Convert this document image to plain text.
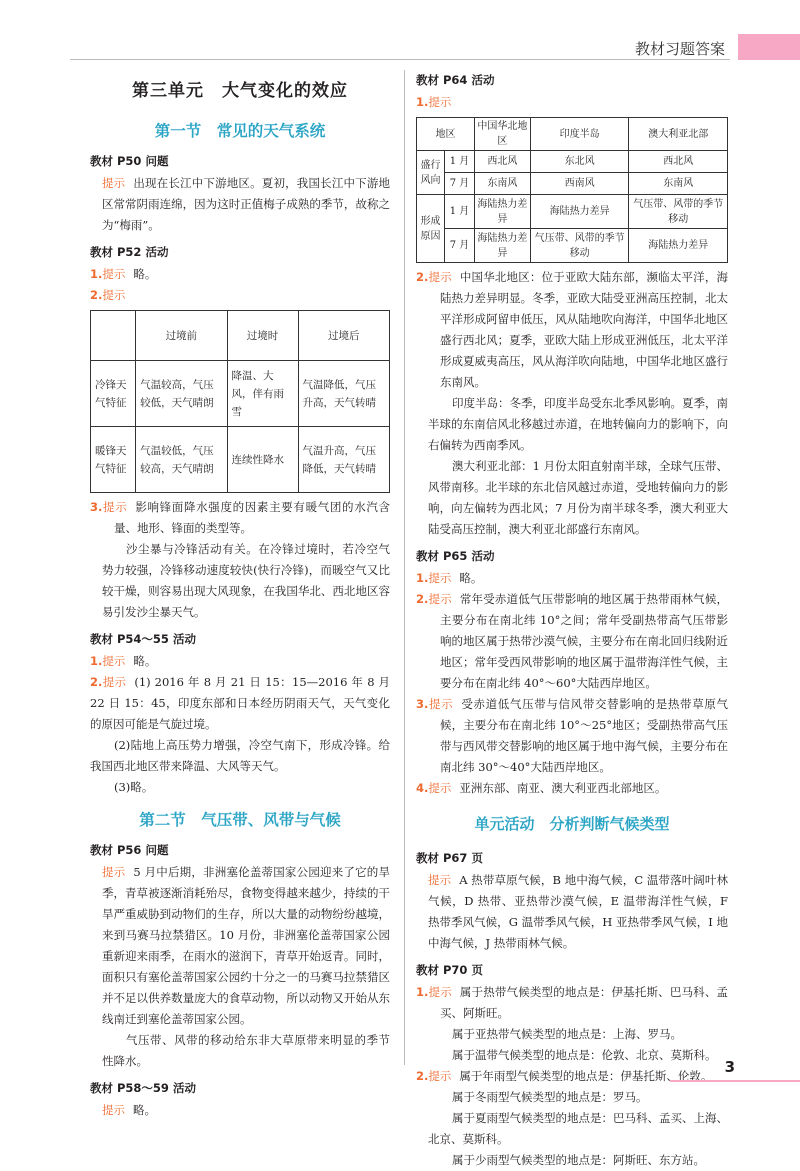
教材习题答案
第三单元　大气变化的效应
第一节　常见的天气系统
教材 P50 问题
提示 出现在长江中下游地区。夏初，我国长江中下游地区常常阴雨连绵，因为这时正值梅子成熟的季节，故称之为“梅雨”。
教材 P52 活动
1.提示 略。
2.提示
	过境前	过境时	过境后
冷锋天气特征	气温较高，气压较低，天气晴朗	降温、大风，伴有雨雪	气温降低，气压升高，天气转晴
暖锋天气特征	气温较低，气压较高，天气晴朗	连续性降水	气温升高，气压降低，天气转晴
3.提示 影响锋面降水强度的因素主要有暖气团的水汽含量、地形、锋面的类型等。
沙尘暴与冷锋活动有关。在冷锋过境时，若冷空气势力较强，冷锋移动速度较快(快行冷锋)，而暖空气又比较干燥，则容易出现大风现象，在我国华北、西北地区容易引发沙尘暴天气。
教材 P54～55 活动
1.提示 略。
2.提示 (1) 2016 年 8 月 21 日 15：15—2016 年 8 月 22 日 15：45，印度东部和日本经历阴雨天气，天气变化的原因可能是气旋过境。
(2)陆地上高压势力增强，冷空气南下，形成冷锋。给我国西北地区带来降温、大风等天气。
(3)略。
第二节　气压带、风带与气候
教材 P56 问题
提示 5 月中后期，非洲塞伦盖蒂国家公园迎来了它的旱季，青草被逐渐消耗殆尽，食物变得越来越少，持续的干旱严重威胁到动物们的生存，所以大量的动物纷纷越境，来到马赛马拉禁猎区。10 月份，非洲塞伦盖蒂国家公园重新迎来雨季，在雨水的滋润下，青草开始返青。同时，面积只有塞伦盖蒂国家公园约十分之一的马赛马拉禁猎区并不足以供养数量庞大的食草动物，所以动物又开始从东线南迁到塞伦盖蒂国家公园。
气压带、风带的移动给东非大草原带来明显的季节性降水。
教材 P58～59 活动
提示 略。
教材 P64 活动
1.提示
地区		中国华北地区	印度半岛	澳大利亚北部
盛行风向	1 月	西北风	东北风	西北风
	7 月	东南风	西南风	东南风
形成原因	1 月	海陆热力差异	海陆热力差异	气压带、风带的季节移动
	7 月	海陆热力差异	气压带、风带的季节移动	海陆热力差异
2.提示 中国华北地区：位于亚欧大陆东部，濒临太平洋，海陆热力差异明显。冬季，亚欧大陆受亚洲高压控制，北太平洋形成阿留申低压，风从陆地吹向海洋，中国华北地区盛行西北风；夏季，亚欧大陆上形成亚洲低压，北太平洋形成夏威夷高压，风从海洋吹向陆地，中国华北地区盛行东南风。
印度半岛：冬季，印度半岛受东北季风影响。夏季，南半球的东南信风北移越过赤道，在地转偏向力的影响下，向右偏转为西南季风。
澳大利亚北部：1 月份太阳直射南半球，全球气压带、风带南移。北半球的东北信风越过赤道，受地转偏向力的影响，向左偏转为西北风；7 月份为南半球冬季，澳大利亚大陆受高压控制，澳大利亚北部盛行东南风。
教材 P65 活动
1.提示 略。
2.提示 常年受赤道低气压带影响的地区属于热带雨林气候，主要分布在南北纬 10°之间；常年受副热带高气压带影响的地区属于热带沙漠气候，主要分布在南北回归线附近地区；常年受西风带影响的地区属于温带海洋性气候，主要分布在南北纬 40°～60°大陆西岸地区。
3.提示 受赤道低气压带与信风带交替影响的是热带草原气候，主要分布在南北纬 10°～25°地区；受副热带高气压带与西风带交替影响的地区属于地中海气候，主要分布在南北纬 30°～40°大陆西岸地区。
4.提示 亚洲东部、南亚、澳大利亚西北部地区。
单元活动　分析判断气候类型
教材 P67 页
提示 A 热带草原气候，B 地中海气候，C 温带落叶阔叶林气候，D 热带、亚热带沙漠气候，E 温带海洋性气候，F 热带季风气候，G 温带季风气候，H 亚热带季风气候，I 地中海气候，J 热带雨林气候。
教材 P70 页
1.提示 属于热带气候类型的地点是：伊基托斯、巴马科、孟买、阿斯旺。
属于亚热带气候类型的地点是：上海、罗马。
属于温带气候类型的地点是：伦敦、北京、莫斯科。
2.提示 属于年雨型气候类型的地点是：伊基托斯、伦敦。
属于冬雨型气候类型的地点是：罗马。
属于夏雨型气候类型的地点是：巴马科、孟买、上海、北京、莫斯科。
属于少雨型气候类型的地点是：阿斯旺、东方站。
3
